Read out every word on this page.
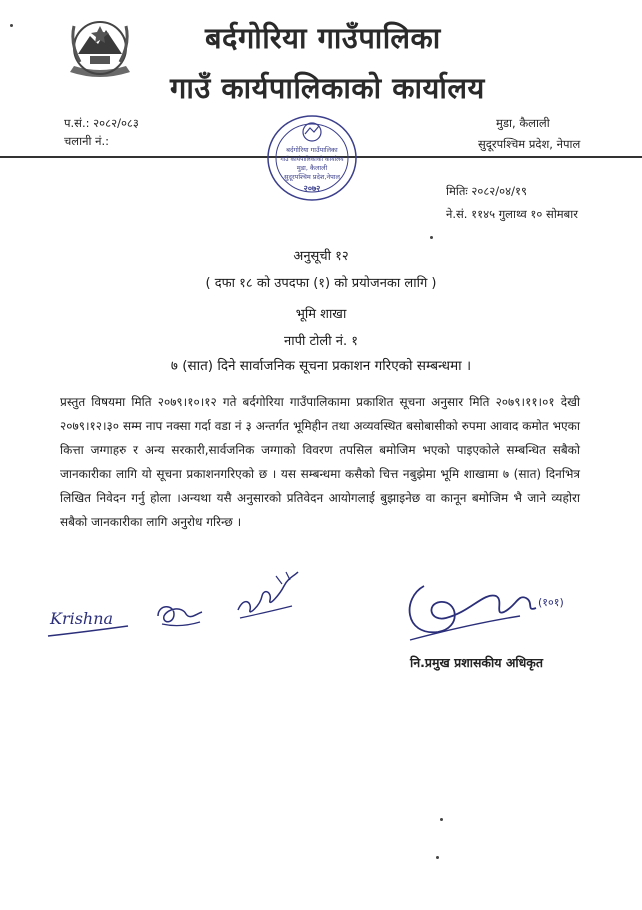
बर्दगोरिया गाउँपालिका
गाउँ कार्यपालिकाको कार्यालय
प.सं.: २०८२/०८३
चलानी नं.:
मुडा, कैलाली
सुदूरपश्चिम प्रदेश, नेपाल
बर्दगोरिया गाउँपालिका
गाउँ कार्यपालिकाको कार्यालय
मुडा, कैलाली
सुदूरपश्चिम प्रदेश,नेपाल
२०७२	मितिः २०८२/०४/१९
ने.सं. ११४५ गुलाथ्व १० सोमबार
अनुसूची १२
( दफा १८ को उपदफा (१) को प्रयोजनका लागि )
भूमि शाखा
नापी टोली नं. १
७ (सात) दिने सार्वाजनिक सूचना प्रकाशन गरिएको सम्बन्धमा ।
प्रस्तुत विषयमा मिति २०७९।१०।१२ गते बर्दगोरिया गाउँपालिकामा प्रकाशित सूचना अनुसार मिति २०७९।११।०१ देखी २०७९।१२।३० सम्म नाप नक्सा गर्दा वडा नं ३ अन्तर्गत भूमिहीन तथा अव्यवस्थित बसोबासीको रुपमा आवाद कमोत भएका कित्ता जग्गाहरु र अन्य सरकारी,सार्वजनिक जग्गाको विवरण तपसिल बमोजिम भएको पाइएकोले सम्बन्धित सबैको जानकारीका लागि यो सूचना प्रकाशनगरिएको छ । यस सम्बन्धमा कसैको चित्त नबुझेमा भूमि शाखामा ७ (सात) दिनभित्र लिखित निवेदन गर्नु होला ।अन्यथा यसै अनुसारको प्रतिवेदन आयोगलाई बुझाइनेछ वा कानून बमोजिम भै जाने व्यहोरा सबैको जानकारीका लागि अनुरोध गरिन्छ ।
Krishna
(१०१)
नि.प्रमुख प्रशासकीय अधिकृत
